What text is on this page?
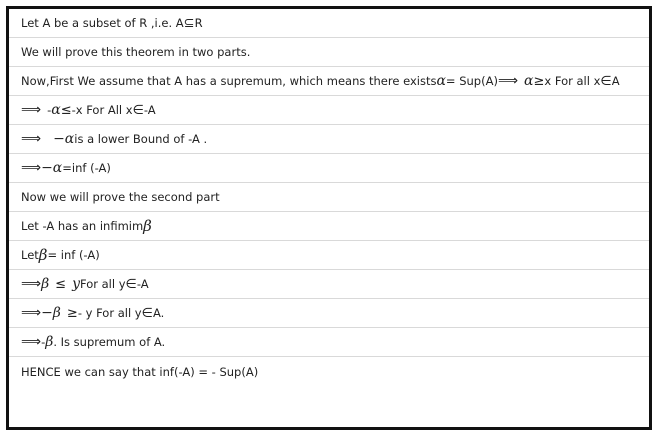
Let A be a subset of R ,i.e. A ⊆ R
We will prove this theorem in two parts.
Now,First We assume that A has a supremum, which means there exists α = Sup(A) ⟹ α ≥ x For all x ∈ A
⟹ - α ≤ -x For All x ∈ -A
⟹ −α is a lower Bound of -A .
⟹ −α =inf (-A)
Now we will prove the second part
Let -A has an infimim β
Let β = inf (-A)
⟹ β ≤ y For all y ∈ -A
⟹ −β ≥ - y For all y ∈ A.
⟹ - β . Is supremum of A.
HENCE we can say that inf(-A) = - Sup(A)
